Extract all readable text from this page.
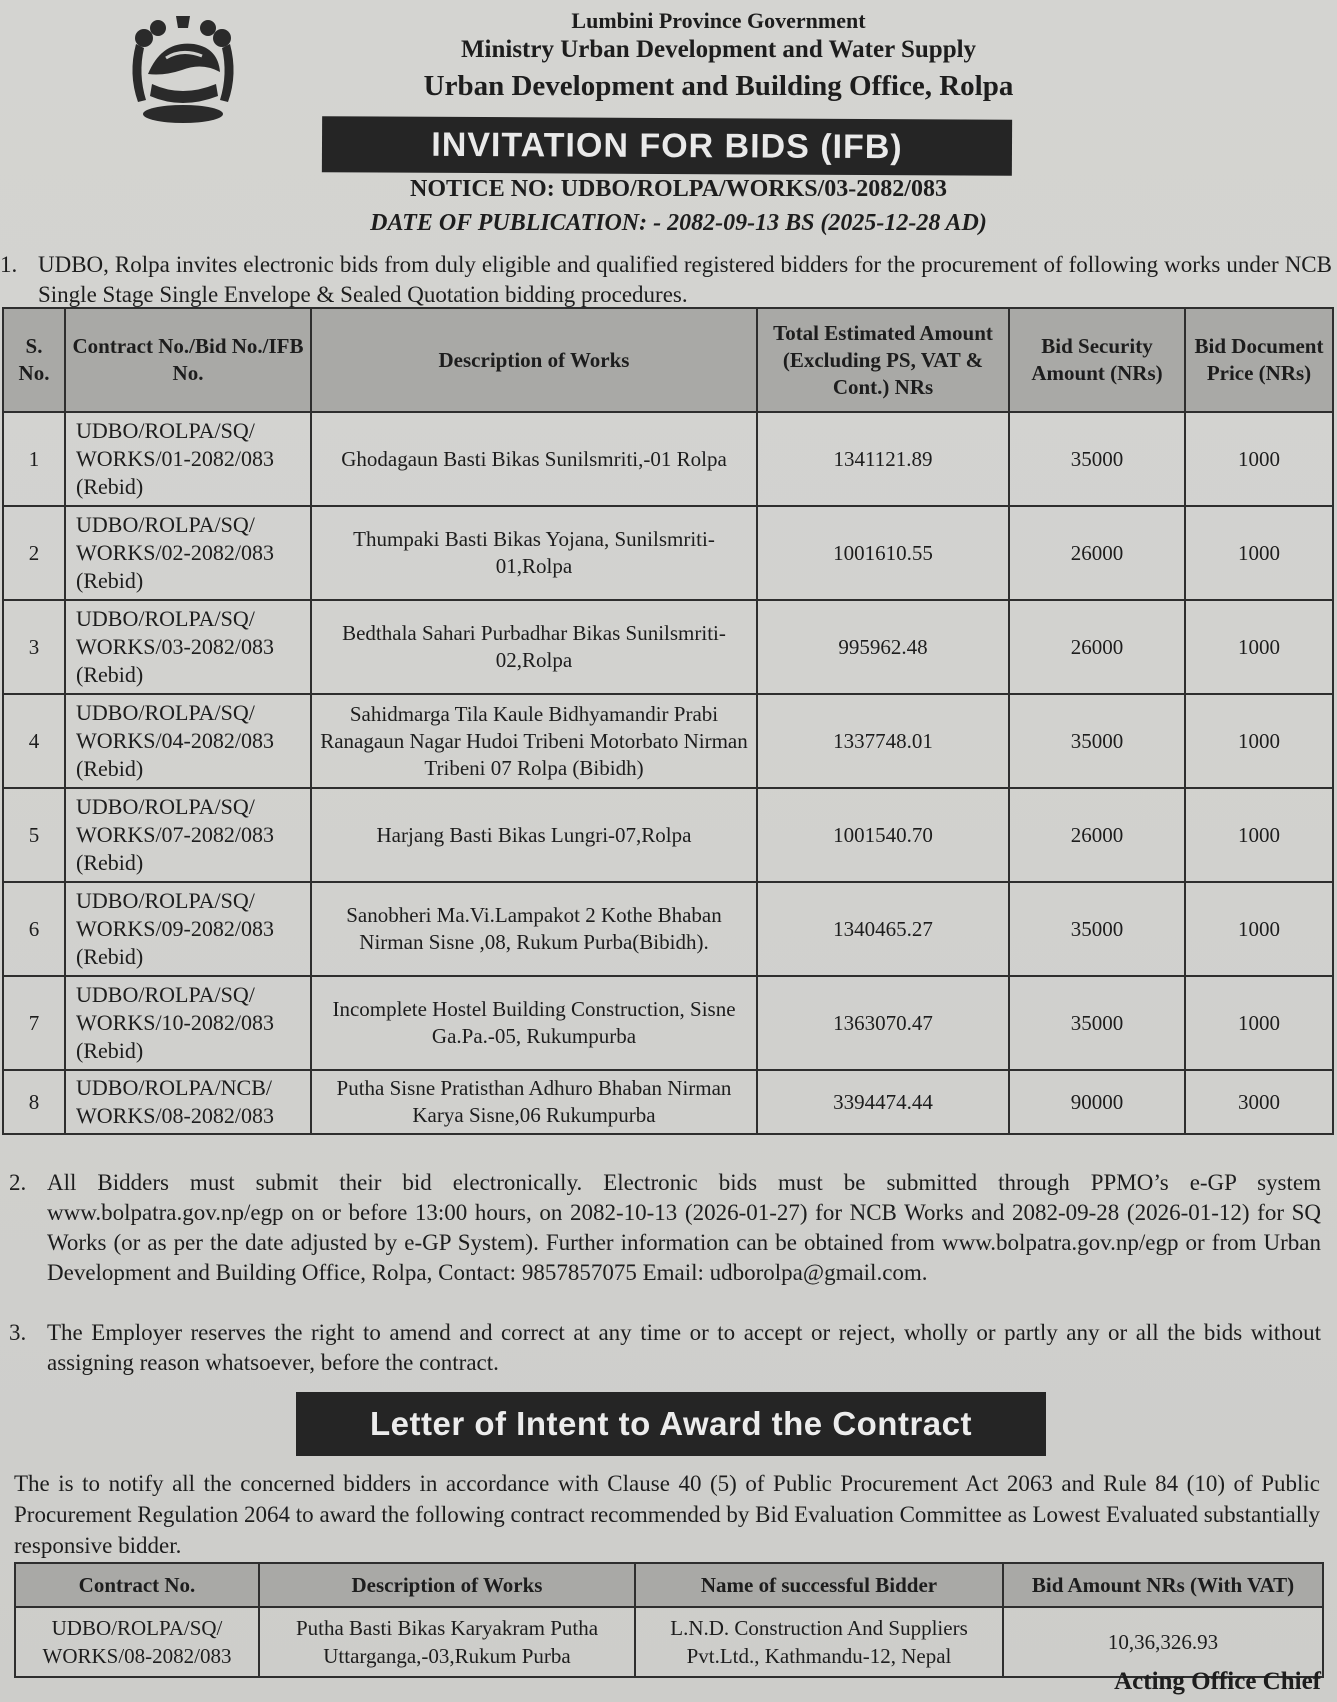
Lumbini Province Government
Ministry Urban Development and Water Supply
Urban Development and Building Office, Rolpa
INVITATION FOR BIDS (IFB)
NOTICE NO: UDBO/ROLPA/WORKS/03-2082/083
DATE OF PUBLICATION: - 2082-09-13 BS (2025-12-28 AD)
1. UDBO, Rolpa invites electronic bids from duly eligible and qualified registered bidders for the procurement of following works under NCB Single Stage Single Envelope & Sealed Quotation bidding procedures.
S. No.	Contract No./Bid No./IFB No.	Description of Works	Total Estimated Amount (Excluding PS, VAT & Cont.) NRs	Bid Security Amount (NRs)	Bid Document Price (NRs)
1	UDBO/ROLPA/SQ/ WORKS/01-2082/083 (Rebid)	Ghodagaun Basti Bikas Sunilsmriti,-01 Rolpa	1341121.89	35000	1000
2	UDBO/ROLPA/SQ/ WORKS/02-2082/083 (Rebid)	Thumpaki Basti Bikas Yojana, Sunilsmriti-01,Rolpa	1001610.55	26000	1000
3	UDBO/ROLPA/SQ/ WORKS/03-2082/083 (Rebid)	Bedthala Sahari Purbadhar Bikas Sunilsmriti-02,Rolpa	995962.48	26000	1000
4	UDBO/ROLPA/SQ/ WORKS/04-2082/083 (Rebid)	Sahidmarga Tila Kaule Bidhyamandir Prabi Ranagaun Nagar Hudoi Tribeni Motorbato Nirman Tribeni 07 Rolpa (Bibidh)	1337748.01	35000	1000
5	UDBO/ROLPA/SQ/ WORKS/07-2082/083 (Rebid)	Harjang Basti Bikas Lungri-07,Rolpa	1001540.70	26000	1000
6	UDBO/ROLPA/SQ/ WORKS/09-2082/083 (Rebid)	Sanobheri Ma.Vi.Lampakot 2 Kothe Bhaban Nirman Sisne ,08, Rukum Purba(Bibidh).	1340465.27	35000	1000
7	UDBO/ROLPA/SQ/ WORKS/10-2082/083 (Rebid)	Incomplete Hostel Building Construction, Sisne Ga.Pa.-05, Rukumpurba	1363070.47	35000	1000
8	UDBO/ROLPA/NCB/ WORKS/08-2082/083	Putha Sisne Pratisthan Adhuro Bhaban Nirman Karya Sisne,06 Rukumpurba	3394474.44	90000	3000
2. All Bidders must submit their bid electronically. Electronic bids must be submitted through PPMO’s e-GP system www.bolpatra.gov.np/egp on or before 13:00 hours, on 2082-10-13 (2026-01-27) for NCB Works and 2082-09-28 (2026-01-12) for SQ Works (or as per the date adjusted by e-GP System). Further information can be obtained from www.bolpatra.gov.np/egp or from Urban Development and Building Office, Rolpa, Contact: 9857857075 Email: udborolpa@gmail.com.
3. The Employer reserves the right to amend and correct at any time or to accept or reject, wholly or partly any or all the bids without assigning reason whatsoever, before the contract.
Letter of Intent to Award the Contract
The is to notify all the concerned bidders in accordance with Clause 40 (5) of Public Procurement Act 2063 and Rule 84 (10) of Public Procurement Regulation 2064 to award the following contract recommended by Bid Evaluation Committee as Lowest Evaluated substantially responsive bidder.
Contract No.	Description of Works	Name of successful Bidder	Bid Amount NRs (With VAT)
UDBO/ROLPA/SQ/ WORKS/08-2082/083	Putha Basti Bikas Karyakram Putha Uttarganga,-03,Rukum Purba	L.N.D. Construction And Suppliers Pvt.Ltd., Kathmandu-12, Nepal	10,36,326.93
Acting Office Chief
